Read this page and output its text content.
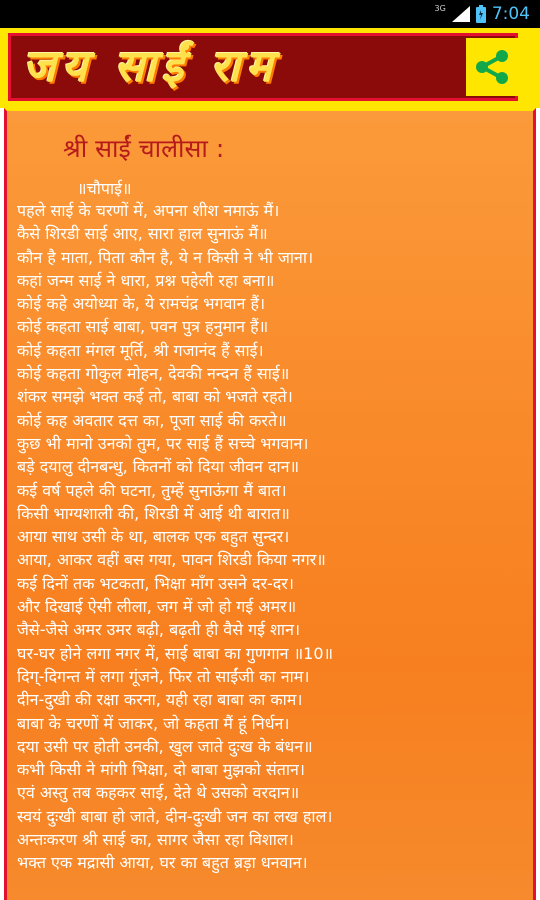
3G	7:04
जय साईं राम
श्री साईं चालीसा :
॥चौपाई॥
पहले साई के चरणों में, अपना शीश नमाऊं मैं।
कैसे शिरडी साई आए, सारा हाल सुनाऊं मैं॥
कौन है माता, पिता कौन है, ये न किसी ने भी जाना।
कहां जन्म साई ने धारा, प्रश्न पहेली रहा बना॥
कोई कहे अयोध्या के, ये रामचंद्र भगवान हैं।
कोई कहता साई बाबा, पवन पुत्र हनुमान हैं॥
कोई कहता मंगल मूर्ति, श्री गजानंद हैं साई।
कोई कहता गोकुल मोहन, देवकी नन्दन हैं साई॥
शंकर समझे भक्त कई तो, बाबा को भजते रहते।
कोई कह अवतार दत्त का, पूजा साई की करते॥
कुछ भी मानो उनको तुम, पर साई हैं सच्चे भगवान।
बड़े दयालु दीनबन्धु, कितनों को दिया जीवन दान॥
कई वर्ष पहले की घटना, तुम्हें सुनाऊंगा मैं बात।
किसी भाग्यशाली की, शिरडी में आई थी बारात॥
आया साथ उसी के था, बालक एक बहुत सुन्दर।
आया, आकर वहीं बस गया, पावन शिरडी किया नगर॥
कई दिनों तक भटकता, भिक्षा माँग उसने दर-दर।
और दिखाई ऐसी लीला, जग में जो हो गई अमर॥
जैसे-जैसे अमर उमर बढ़ी, बढ़ती ही वैसे गई शान।
घर-घर होने लगा नगर में, साई बाबा का गुणगान ॥10॥
दिग्-दिगन्त में लगा गूंजने, फिर तो साईंजी का नाम।
दीन-दुखी की रक्षा करना, यही रहा बाबा का काम।
बाबा के चरणों में जाकर, जो कहता मैं हूं निर्धन।
दया उसी पर होती उनकी, खुल जाते दुःख के बंधन॥
कभी किसी ने मांगी भिक्षा, दो बाबा मुझको संतान।
एवं अस्तु तब कहकर साई, देते थे उसको वरदान॥
स्वयं दुःखी बाबा हो जाते, दीन-दुःखी जन का लख हाल।
अन्तःकरण श्री साई का, सागर जैसा रहा विशाल।
भक्त एक मद्रासी आया, घर का बहुत ब्रड़ा धनवान।
